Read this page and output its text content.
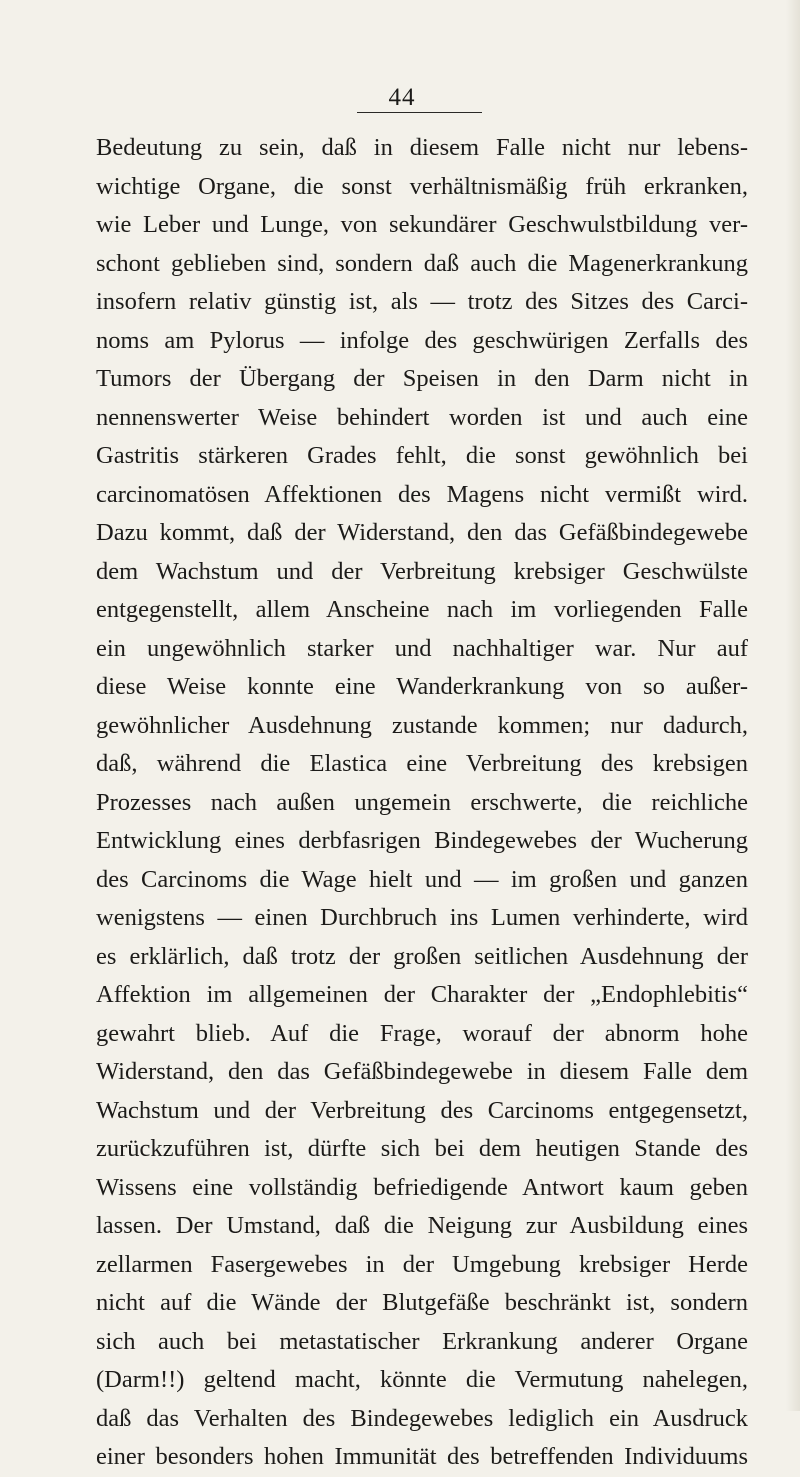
44
Bedeutung zu sein, daß in diesem Falle nicht nur lebens-
wichtige Organe, die sonst verhältnismäßig früh erkranken,
wie Leber und Lunge, von sekundärer Geschwulstbildung ver-
schont geblieben sind, sondern daß auch die Magenerkrankung
insofern relativ günstig ist, als — trotz des Sitzes des Carci-
noms am Pylorus — infolge des geschwürigen Zerfalls des
Tumors der Übergang der Speisen in den Darm nicht in
nennenswerter Weise behindert worden ist und auch eine
Gastritis stärkeren Grades fehlt, die sonst gewöhnlich bei
carcinomatösen Affektionen des Magens nicht vermißt wird.
Dazu kommt, daß der Widerstand, den das Gefäßbindegewebe
dem Wachstum und der Verbreitung krebsiger Geschwülste
entgegenstellt, allem Anscheine nach im vorliegenden Falle
ein ungewöhnlich starker und nachhaltiger war. Nur auf
diese Weise konnte eine Wanderkrankung von so außer-
gewöhnlicher Ausdehnung zustande kommen; nur dadurch,
daß, während die Elastica eine Verbreitung des krebsigen
Prozesses nach außen ungemein erschwerte, die reichliche
Entwicklung eines derbfasrigen Bindegewebes der Wucherung
des Carcinoms die Wage hielt und — im großen und ganzen
wenigstens — einen Durchbruch ins Lumen verhinderte, wird
es erklärlich, daß trotz der großen seitlichen Ausdehnung der
Affektion im allgemeinen der Charakter der „Endophlebitis“
gewahrt blieb. Auf die Frage, worauf der abnorm hohe
Widerstand, den das Gefäßbindegewebe in diesem Falle dem
Wachstum und der Verbreitung des Carcinoms entgegensetzt,
zurückzuführen ist, dürfte sich bei dem heutigen Stande des
Wissens eine vollständig befriedigende Antwort kaum geben
lassen. Der Umstand, daß die Neigung zur Ausbildung eines
zellarmen Fasergewebes in der Umgebung krebsiger Herde
nicht auf die Wände der Blutgefäße beschränkt ist, sondern
sich auch bei metastatischer Erkrankung anderer Organe
(Darm!!) geltend macht, könnte die Vermutung nahelegen,
daß das Verhalten des Bindegewebes lediglich ein Ausdruck
einer besonders hohen Immunität des betreffenden Individuums
